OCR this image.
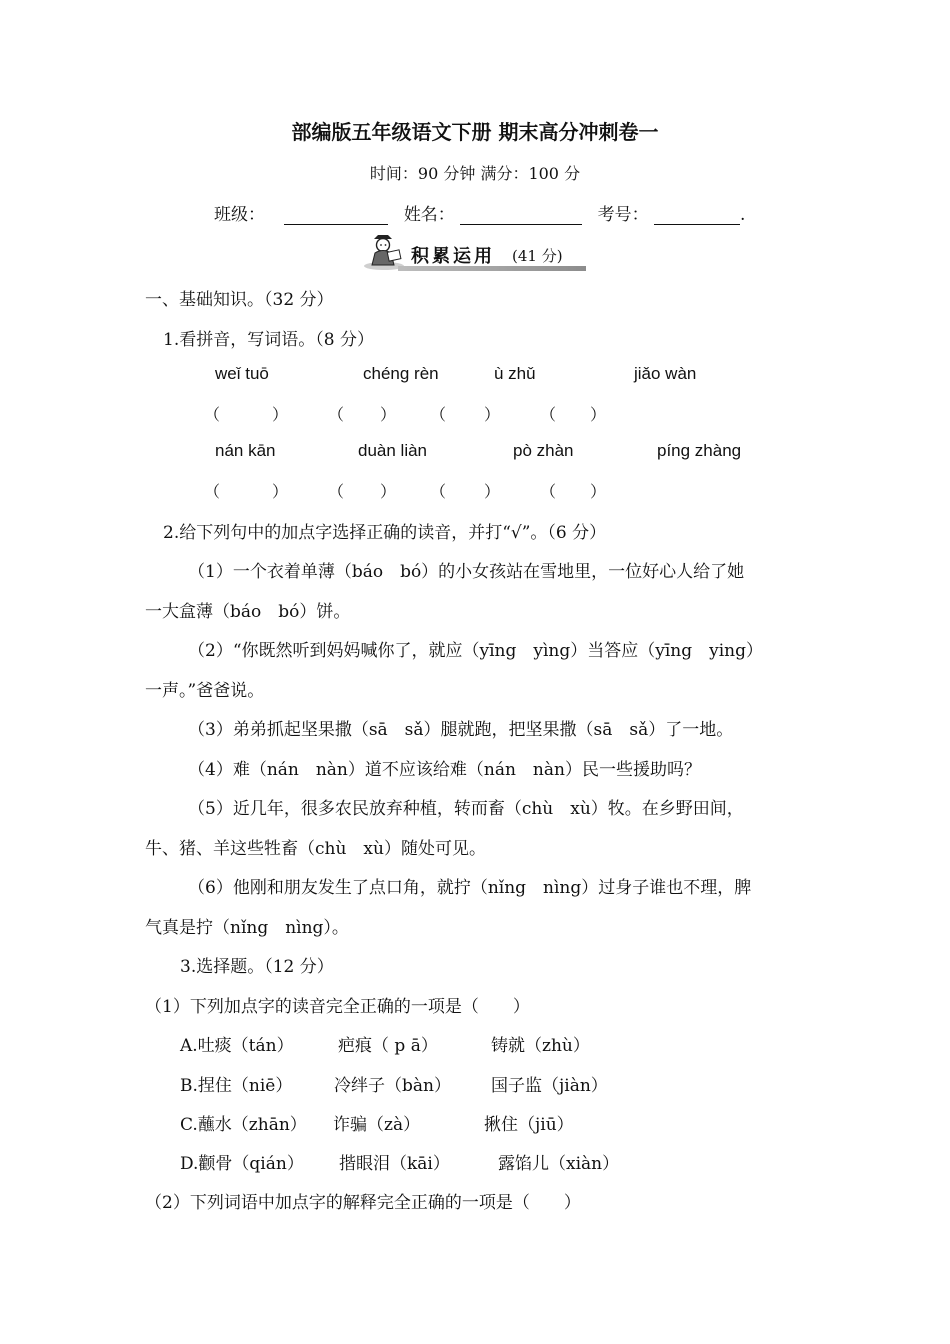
部编版五年级语文下册 期末高分冲刺卷一
时间：90 分钟 满分：100 分
班级：	姓名：	考号：	.
积累运用 (41 分)
一、基础知识。（32 分）
1.看拼音，写词语。（8 分）
weǐ tuō	chéng rèn	ù zhǔ	jiǎo wàn
（	） （ ） （ ） （ ）
nán kān	duàn liàn	pò zhàn	píng zhàng
（	） （ ） （ ） （ ）
2.给下列句中的加点字选择正确的读音，并打“√”。（6 分）
（1）一个衣着单薄（báo　bó）的小女孩站在雪地里，一位好心人给了她
一大盒薄（báo　bó）饼。
（2）“你既然听到妈妈喊你了，就应（yīng　yìng）当答应（yīng　ying）
一声。”爸爸说。
（3）弟弟抓起坚果撒（sā　sǎ）腿就跑，把坚果撒（sā　sǎ）了一地。
（4）难（nán　nàn）道不应该给难（nán　nàn）民一些援助吗？
（5）近几年，很多农民放弃种植，转而畜（chù　xù）牧。在乡野田间，
牛、猪、羊这些牲畜（chù　xù）随处可见。
（6）他刚和朋友发生了点口角，就拧（nǐng　nìng）过身子谁也不理，脾
气真是拧（nǐng　nìng）。
3.选择题。（12 分）
（1）下列加点字的读音完全正确的一项是（　　）
A.吐痰（tán）	疤痕（ p ā）	铸就（zhù）
B.捏住（niē） 冷绊子（bàn） 国子监（jiàn）
C.蘸水（zhān） 诈骗（zà）	揪住（jiū）
D.颧骨（qián） 揩眼泪（kāi）	露馅儿（xiàn）
（2）下列词语中加点字的解释完全正确的一项是（　　）
